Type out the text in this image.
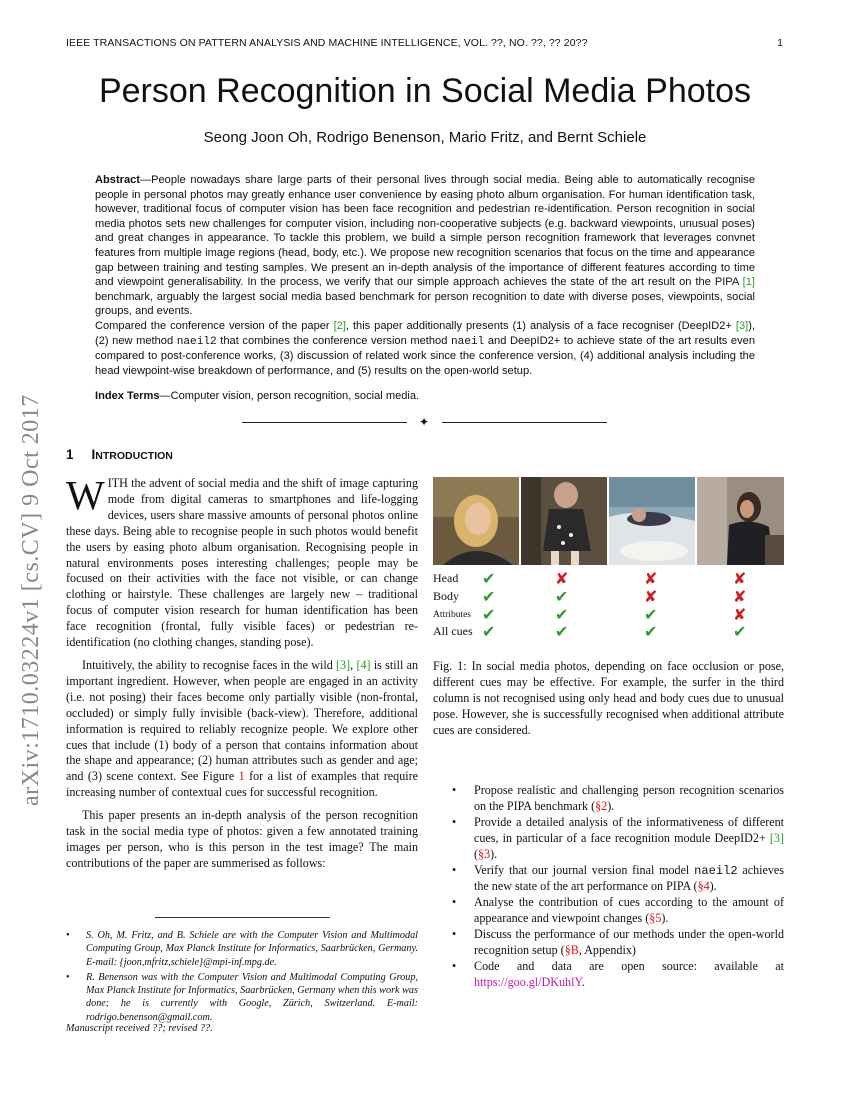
IEEE TRANSACTIONS ON PATTERN ANALYSIS AND MACHINE INTELLIGENCE, VOL. ??, NO. ??, ?? 20??	1
Person Recognition in Social Media Photos
Seong Joon Oh, Rodrigo Benenson, Mario Fritz, and Bernt Schiele

Abstract—People nowadays share large parts of their personal lives through social media. Being able to automatically recognise people in personal photos may greatly enhance user convenience by easing photo album organisation. For human identification task, however, traditional focus of computer vision has been face recognition and pedestrian re-identification. Person recognition in social media photos sets new challenges for computer vision, including non-cooperative subjects (e.g. backward viewpoints, unusual poses) and great changes in appearance. To tackle this problem, we build a simple person recognition framework that leverages convnet features from multiple image regions (head, body, etc.). We propose new recognition scenarios that focus on the time and appearance gap between training and testing samples. We present an in-depth analysis of the importance of different features according to time and viewpoint generalisability. In the process, we verify that our simple approach achieves the state of the art result on the PIPA [1] benchmark, arguably the largest social media based benchmark for person recognition to date with diverse poses, viewpoints, social groups, and events.

Compared the conference version of the paper [2], this paper additionally presents (1) analysis of a face recogniser (DeepID2+ [3]), (2) new method naeil2 that combines the conference version method naeil and DeepID2+ to achieve state of the art results even compared to post-conference works, (3) discussion of related work since the conference version, (4) additional analysis including the head viewpoint-wise breakdown of performance, and (5) results on the open-world setup.

Index Terms—Computer vision, person recognition, social media.
✦
1 INTRODUCTION

WITH the advent of social media and the shift of image capturing mode from digital cameras to smartphones and life-logging devices, users share massive amounts of personal photos online these days. Being able to recognise people in such photos would benefit the users by easing photo album organisation. Recognising people in natural environments poses interesting challenges; people may be focused on their activities with the face not visible, or can change clothing or hairstyle. These challenges are largely new – traditional focus of computer vision research for human identification has been face recognition (frontal, fully visible faces) or pedestrian re-identification (no clothing changes, standing pose).

Intuitively, the ability to recognise faces in the wild [3], [4] is still an important ingredient. However, when people are engaged in an activity (i.e. not posing) their faces become only partially visible (non-frontal, occluded) or simply fully invisible (back-view). Therefore, additional information is required to reliably recognize people. We explore other cues that include (1) body of a person that contains information about the shape and appearance; (2) human attributes such as gender and age; and (3) scene context. See Figure 1 for a list of examples that require increasing number of contextual cues for successful recognition.

This paper presents an in-depth analysis of the person recognition task in the social media type of photos: given a few annotated training images per person, who is this person in the test image? The main contributions of the paper are summerised as follows:

• S. Oh, M. Fritz, and B. Schiele are with the Computer Vision and Multimodal Computing Group, Max Planck Institute for Informatics, Saarbrücken, Germany. E-mail: {joon,mfritz,schiele}@mpi-inf.mpg.de.
• R. Benenson was with the Computer Vision and Multimodal Computing Group, Max Planck Institute for Informatics, Saarbrücken, Germany when this work was done; he is currently with Google, Zürich, Switzerland. E-mail: rodrigo.benenson@gmail.com.
Manuscript received ??; revised ??.
Head ✔	✘	✘	✘
Body ✔	✔	✘	✘
Attributes ✔	✔	✔	✘
All cues ✔	✔	✔	✔
Fig. 1: In social media photos, depending on face occlusion or pose, different cues may be effective. For example, the surfer in the third column is not recognised using only head and body cues due to unusual pose. However, she is successfully recognised when additional attribute cues are considered.
• Propose realistic and challenging person recognition scenarios on the PIPA benchmark (§2).
• Provide a detailed analysis of the informativeness of different cues, in particular of a face recognition module DeepID2+ [3] (§3).
• Verify that our journal version final model naeil2 achieves the new state of the art performance on PIPA (§4).
• Analyse the contribution of cues according to the amount of appearance and viewpoint changes (§5).
• Discuss the performance of our methods under the open-world recognition setup (§B, Appendix)
• Code and data are open source: available at https://goo.gl/DKuhlY.
arXiv:1710.03224v1 [cs.CV] 9 Oct 2017
